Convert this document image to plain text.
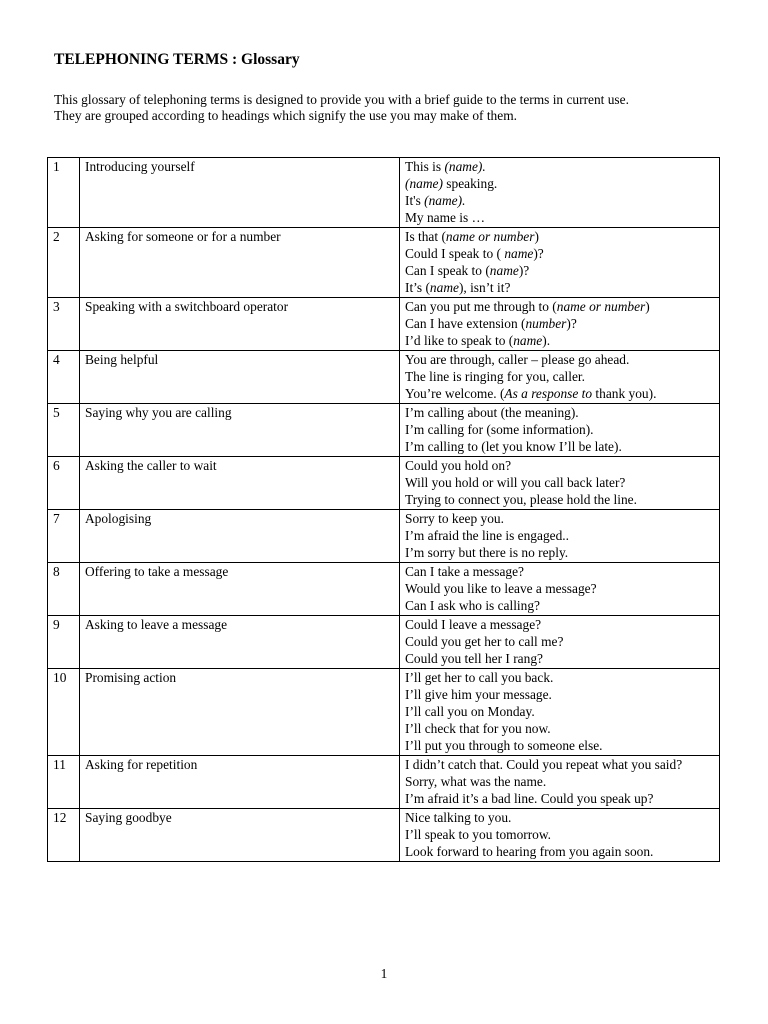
TELEPHONING TERMS : Glossary

This glossary of telephoning terms is designed to provide you with a brief guide to the terms in current use.

They are grouped according to headings which signify the use you may make of them.

1	Introducing yourself	This is (name).
(name) speaking.
It's (name).
My name is …

2	Asking for someone or for a number	Is that (name or number)
Could I speak to ( name)?
Can I speak to (name)?
It’s (name), isn’t it?

3	Speaking with a switchboard operator	Can you put me through to (name or number)
Can I have extension (number)?
I’d like to speak to (name).

4	Being helpful	You are through, caller – please go ahead.
The line is ringing for you, caller.
You’re welcome. (As a response to thank you).

5	Saying why you are calling	I’m calling about (the meaning).
I’m calling for (some information).
I’m calling to (let you know I’ll be late).

6	Asking the caller to wait	Could you hold on?
Will you hold or will you call back later?
Trying to connect you, please hold the line.

7	Apologising	Sorry to keep you.
I’m afraid the line is engaged..
I’m sorry but there is no reply.

8	Offering to take a message	Can I take a message?
Would you like to leave a message?
Can I ask who is calling?

9	Asking to leave a message	Could I leave a message?
Could you get her to call me?
Could you tell her I rang?

10	Promising action	I’ll get her to call you back.
I’ll give him your message.
I’ll call you on Monday.
I’ll check that for you now.
I’ll put you through to someone else.

11	Asking for repetition	I didn’t catch that. Could you repeat what you said?
Sorry, what was the name.
I’m afraid it’s a bad line. Could you speak up?

12	Saying goodbye	Nice talking to you.
I’ll speak to you tomorrow.
Look forward to hearing from you again soon.
1
